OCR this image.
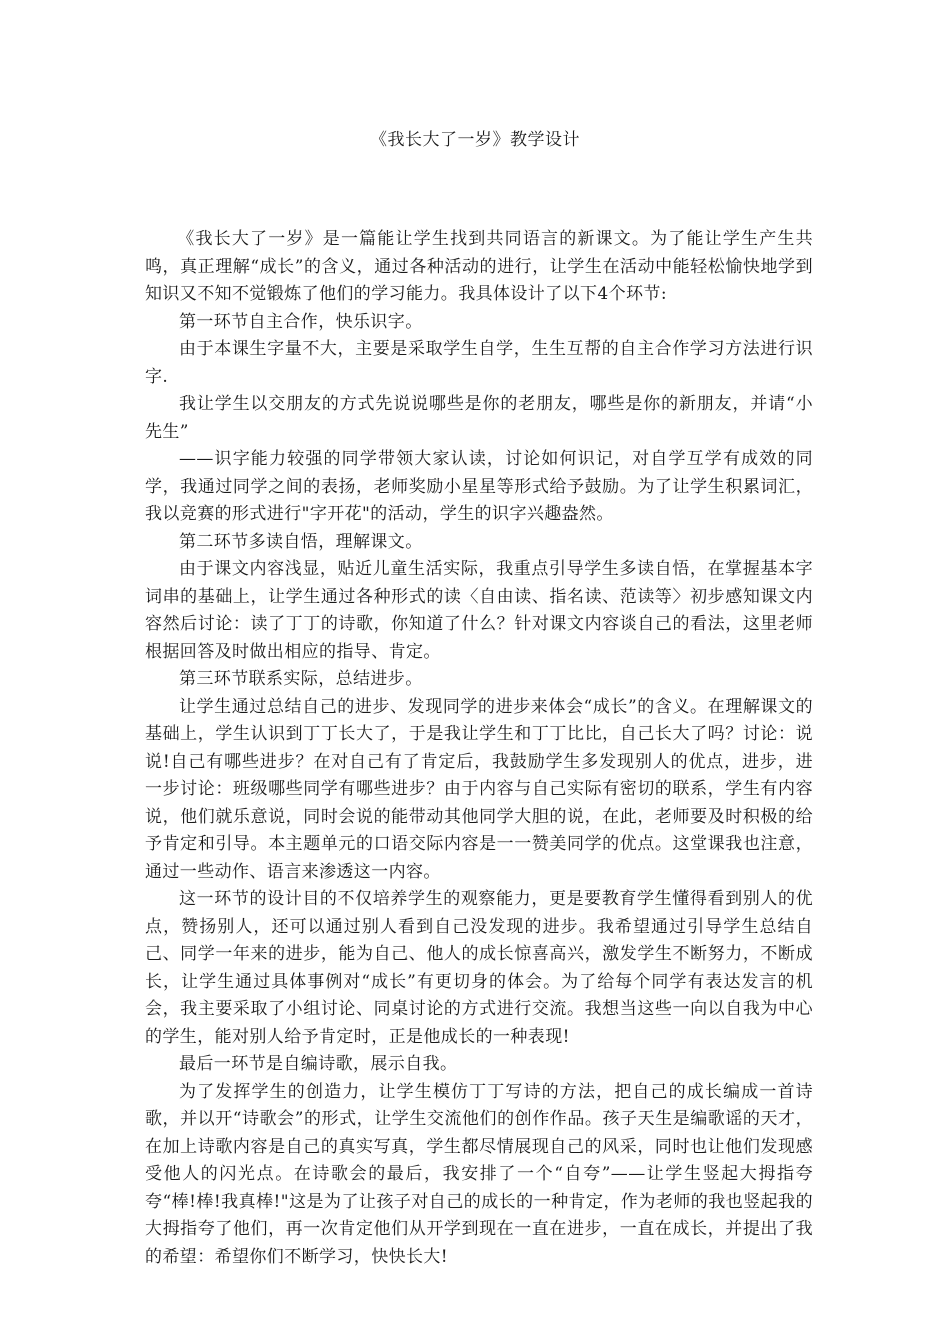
《我长大了一岁》教学设计

《我长大了一岁》是一篇能让学生找到共同语言的新课文。为了能让学生产生共鸣，真正理解“成长”的含义，通过各种活动的进行，让学生在活动中能轻松愉快地学到知识又不知不觉锻炼了他们的学习能力。我具体设计了以下4个环节:

第一环节自主合作，快乐识字。

由于本课生字量不大，主要是采取学生自学，生生互帮的自主合作学习方法进行识字.

我让学生以交朋友的方式先说说哪些是你的老朋友，哪些是你的新朋友，并请“小先生”

——识字能力较强的同学带领大家认读，讨论如何识记，对自学互学有成效的同学，我通过同学之间的表扬，老师奖励小星星等形式给予鼓励。为了让学生积累词汇，我以竞赛的形式进行"字开花"的活动，学生的识字兴趣盎然。

第二环节多读自悟，理解课文。

由于课文内容浅显，贴近儿童生活实际，我重点引导学生多读自悟，在掌握基本字词串的基础上，让学生通过各种形式的读〈自由读、指名读、范读等〉初步感知课文内容然后讨论：读了丁丁的诗歌，你知道了什么？针对课文内容谈自己的看法，这里老师根据回答及时做出相应的指导、肯定。

第三环节联系实际，总结进步。

让学生通过总结自己的进步、发现同学的进步来体会“成长”的含义。在理解课文的基础上，学生认识到丁丁长大了，于是我让学生和丁丁比比，自己长大了吗？讨论：说说!自己有哪些进步？在对自己有了肯定后，我鼓励学生多发现别人的优点，进步，进一步讨论：班级哪些同学有哪些进步？由于内容与自己实际有密切的联系，学生有内容说，他们就乐意说，同时会说的能带动其他同学大胆的说，在此，老师要及时积极的给予肯定和引导。本主题单元的口语交际内容是一一赞美同学的优点。这堂课我也注意，通过一些动作、语言来渗透这一内容。

这一环节的设计目的不仅培养学生的观察能力，更是要教育学生懂得看到别人的优点，赞扬别人，还可以通过别人看到自己没发现的进步。我希望通过引导学生总结自己、同学一年来的进步，能为自己、他人的成长惊喜高兴，激发学生不断努力，不断成长，让学生通过具体事例对“成长”有更切身的体会。为了给每个同学有表达发言的机会，我主要采取了小组讨论、同桌讨论的方式进行交流。我想当这些一向以自我为中心的学生，能对别人给予肯定时，正是他成长的一种表现!

最后一环节是自编诗歌，展示自我。

为了发挥学生的创造力，让学生模仿丁丁写诗的方法，把自己的成长编成一首诗歌，并以开“诗歌会”的形式，让学生交流他们的创作作品。孩子天生是编歌谣的天才，在加上诗歌内容是自己的真实写真，学生都尽情展现自己的风采，同时也让他们发现感受他人的闪光点。在诗歌会的最后，我安排了一个“自夸”——让学生竖起大拇指夸夸“棒!棒!我真棒!"这是为了让孩子对自己的成长的一种肯定，作为老师的我也竖起我的大拇指夸了他们，再一次肯定他们从开学到现在一直在进步，一直在成长，并提出了我的希望：希望你们不断学习，快快长大!
